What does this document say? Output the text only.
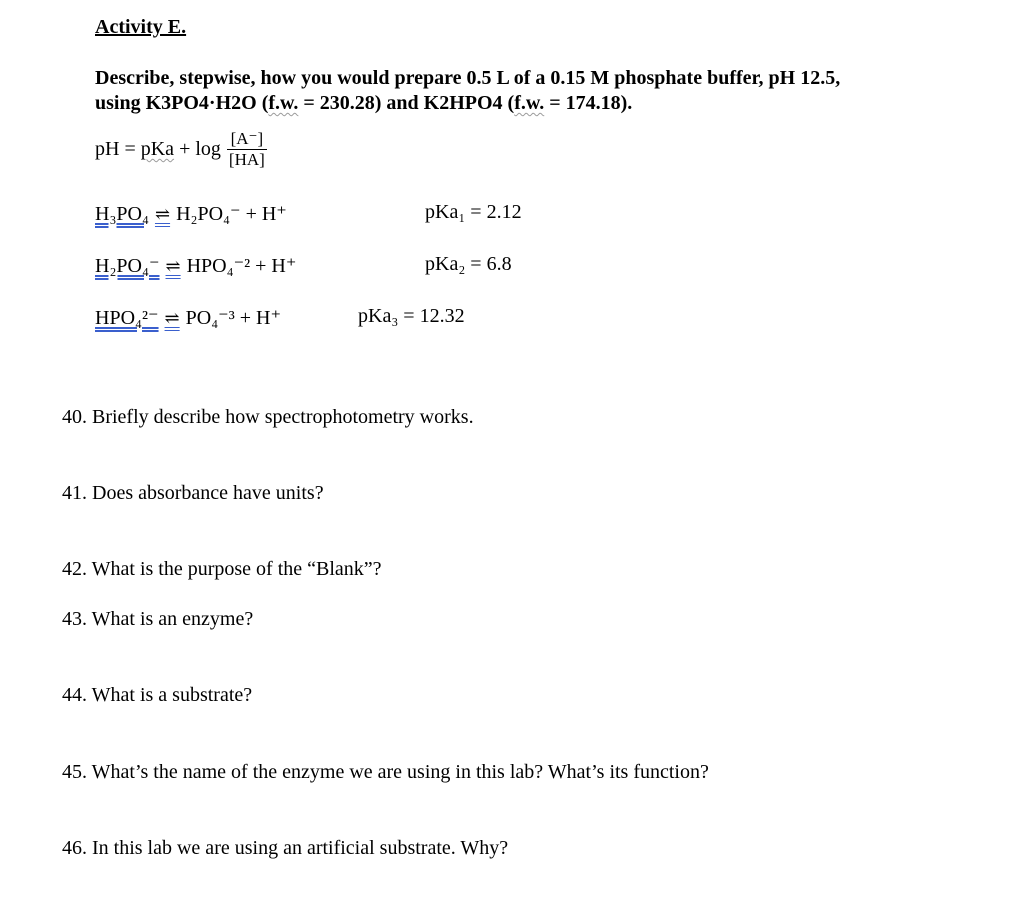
Activity E.
Describe, stepwise, how you would prepare 0.5 L of a 0.15 M phosphate buffer, pH 12.5,
using K3PO4·H2O (f.w. = 230.28) and K2HPO4 (f.w. = 174.18).
pH = pKa + $\log \frac{[A^-]}{[HA]}$
H₃PO₄ ⇌ H₂PO₄⁻ + H⁺	pKa₁ = 2.12
H₂PO₄⁻ ⇌ HPO₄⁻² + H⁺	pKa₂ = 6.8
HPO₄²⁻ ⇌ PO₄⁻³ + H⁺	pKa₃ = 12.32
40. Briefly describe how spectrophotometry works.
41. Does absorbance have units?
42. What is the purpose of the “Blank”?
43. What is an enzyme?
44. What is a substrate?
45. What’s the name of the enzyme we are using in this lab? What’s its function?
46. In this lab we are using an artificial substrate. Why?
